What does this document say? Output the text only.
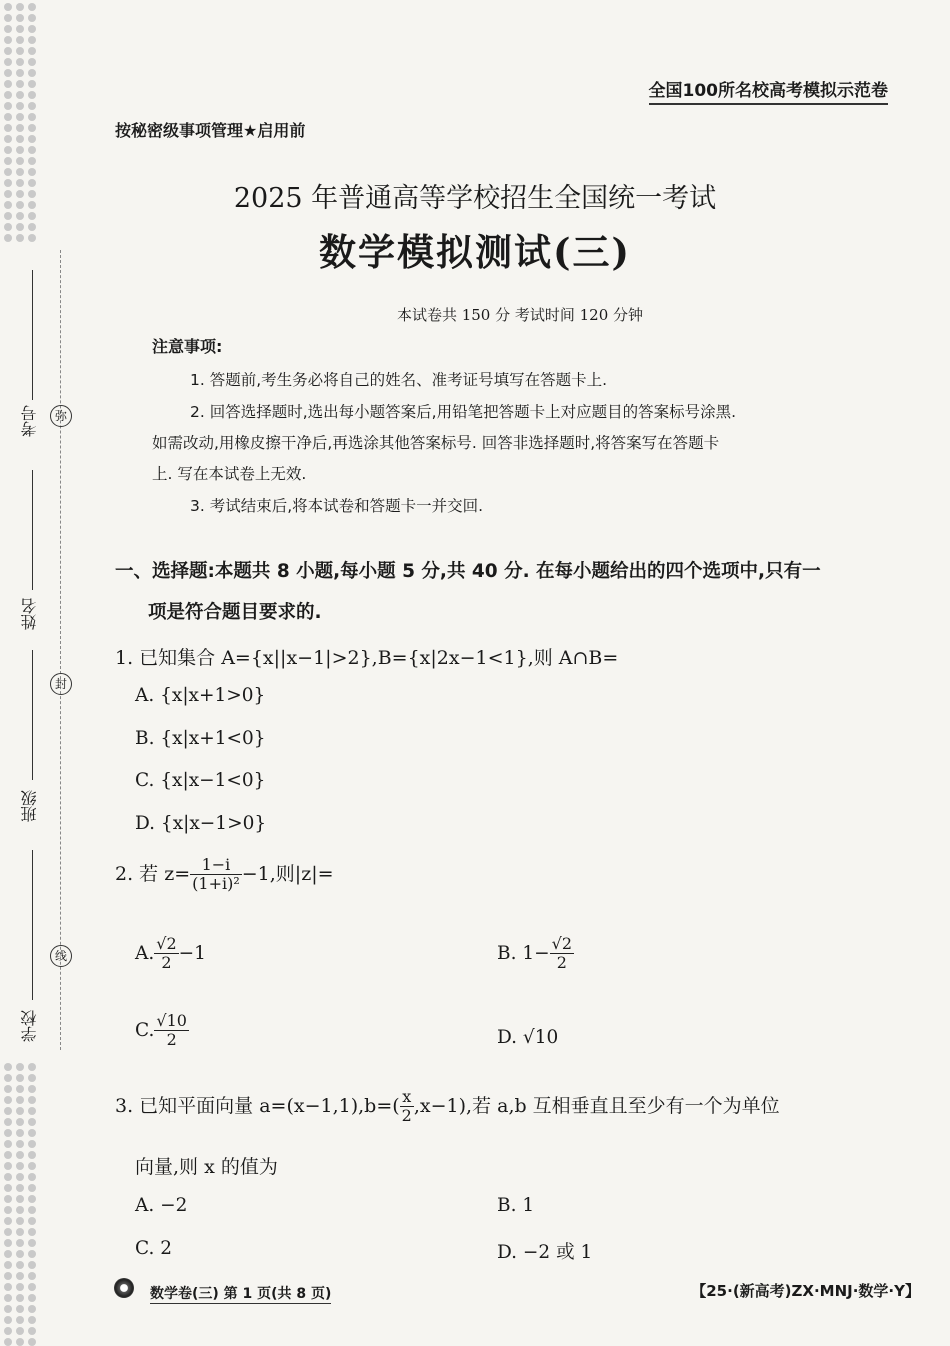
考号
姓名
班级
学校
弥
封
线
全国100所名校高考模拟示范卷
按秘密级事项管理★启用前
2025 年普通高等学校招生全国统一考试
数学模拟测试(三)
本试卷共 150 分 考试时间 120 分钟
注意事项:
1. 答题前,考生务必将自己的姓名、准考证号填写在答题卡上.
2. 回答选择题时,选出每小题答案后,用铅笔把答题卡上对应题目的答案标号涂黑.
如需改动,用橡皮擦干净后,再选涂其他答案标号. 回答非选择题时,将答案写在答题卡
上. 写在本试卷上无效.
3. 考试结束后,将本试卷和答题卡一并交回.
一、选择题:本题共 8 小题,每小题 5 分,共 40 分. 在每小题给出的四个选项中,只有一
项是符合题目要求的.
1. 已知集合 A={x||x−1|>2},B={x|2x−1<1},则 A∩B=
A. {x|x+1>0}
B. {x|x+1<0}
C. {x|x−1<0}
D. {x|x−1>0}
2. 若 $z= \frac{1-i}{\text{(1+i)²}} -1$,则|z|=
A. $\frac{√2}{2} -1$	B. $1- \frac{√2}{2}$
C. $\frac{√10}{2}$	D. √10
3. 已知平面向量 $a=(x-1,1),b=( \frac{x}{2} ,x-1)$,若 a,b 互相垂直且至少有一个为单位
向量,则 x 的值为
A. −2	B. 1
C. 2	D. −2 或 1
数学卷(三) 第 1 页(共 8 页)	【25·(新高考)ZX·MNJ·数学·Y】
